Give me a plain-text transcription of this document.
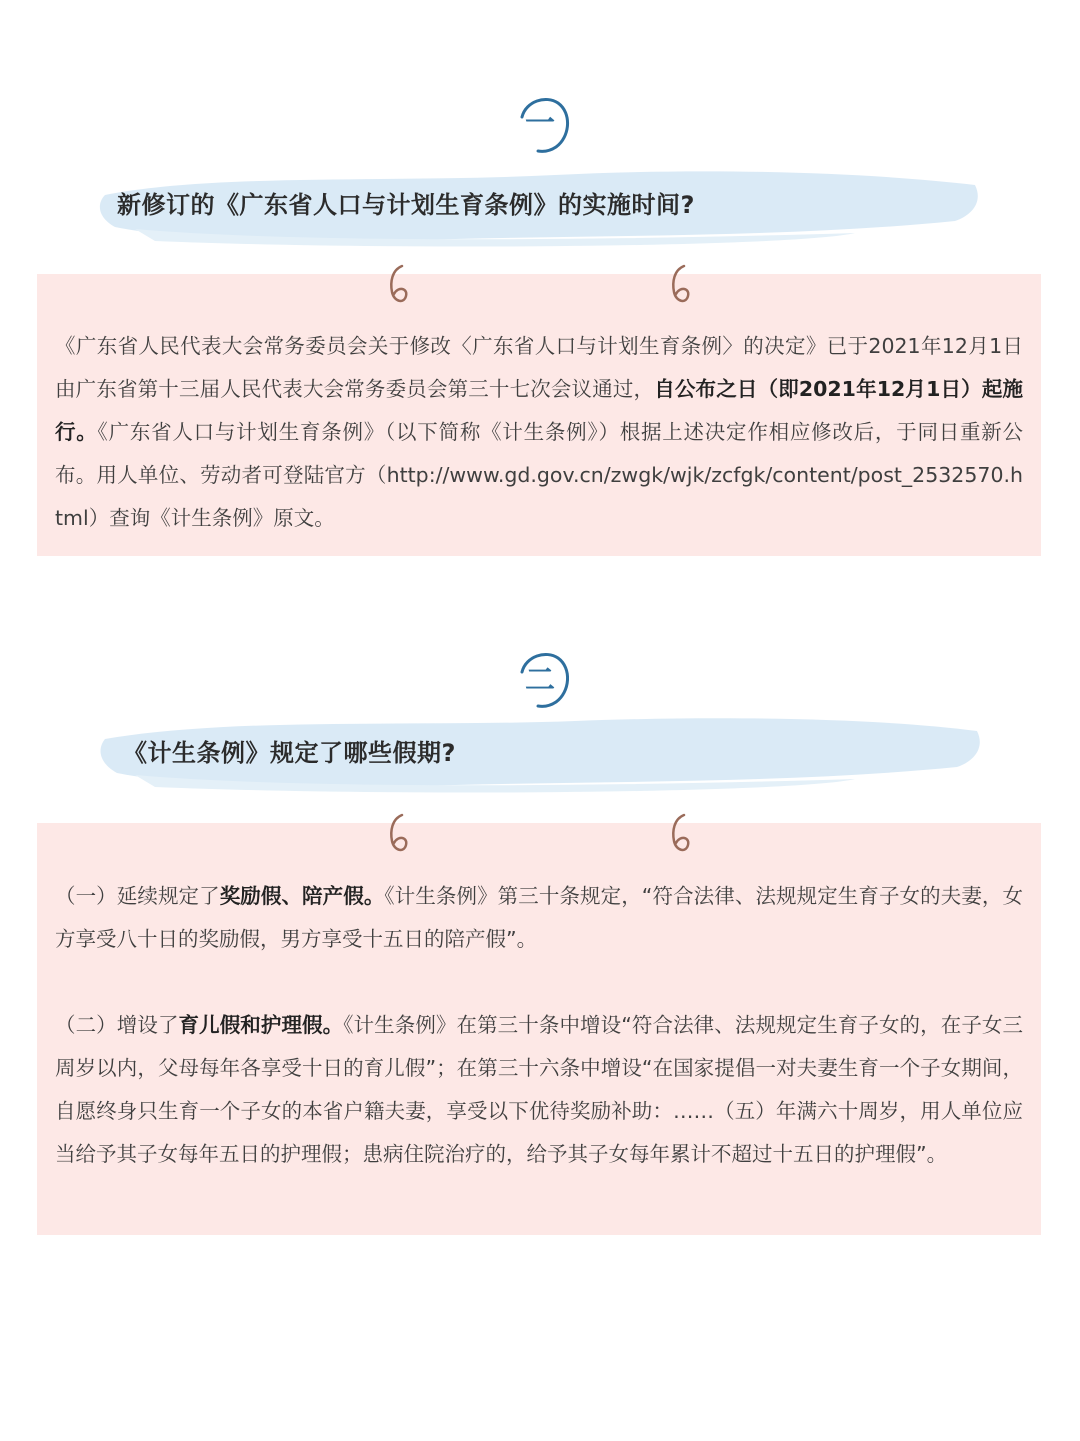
一
新修订的《广东省人口与计划生育条例》的实施时间?

《广东省人民代表大会常务委员会关于修改〈广东省人口与计划生育条例〉的决定》已于2021年12月1日由广东省第十三届人民代表大会常务委员会第三十七次会议通过，自公布之日（即2021年12月1日）起施行。《广东省人口与计划生育条例》（以下简称《计生条例》）根据上述决定作相应修改后，于同日重新公布。用人单位、劳动者可登陆官方（http://www.gd.gov.cn/zwgk/wjk/zcfgk/content/post_2532570.html）查询《计生条例》原文。

二
《计生条例》规定了哪些假期?

（一）延续规定了奖励假、陪产假。《计生条例》第三十条规定，“符合法律、法规规定生育子女的夫妻，女方享受八十日的奖励假，男方享受十五日的陪产假”。

（二）增设了育儿假和护理假。《计生条例》在第三十条中增设“符合法律、法规规定生育子女的，在子女三周岁以内，父母每年各享受十日的育儿假”；在第三十六条中增设“在国家提倡一对夫妻生育一个子女期间，自愿终身只生育一个子女的本省户籍夫妻，享受以下优待奖励补助：……（五）年满六十周岁，用人单位应当给予其子女每年五日的护理假；患病住院治疗的，给予其子女每年累计不超过十五日的护理假”。
